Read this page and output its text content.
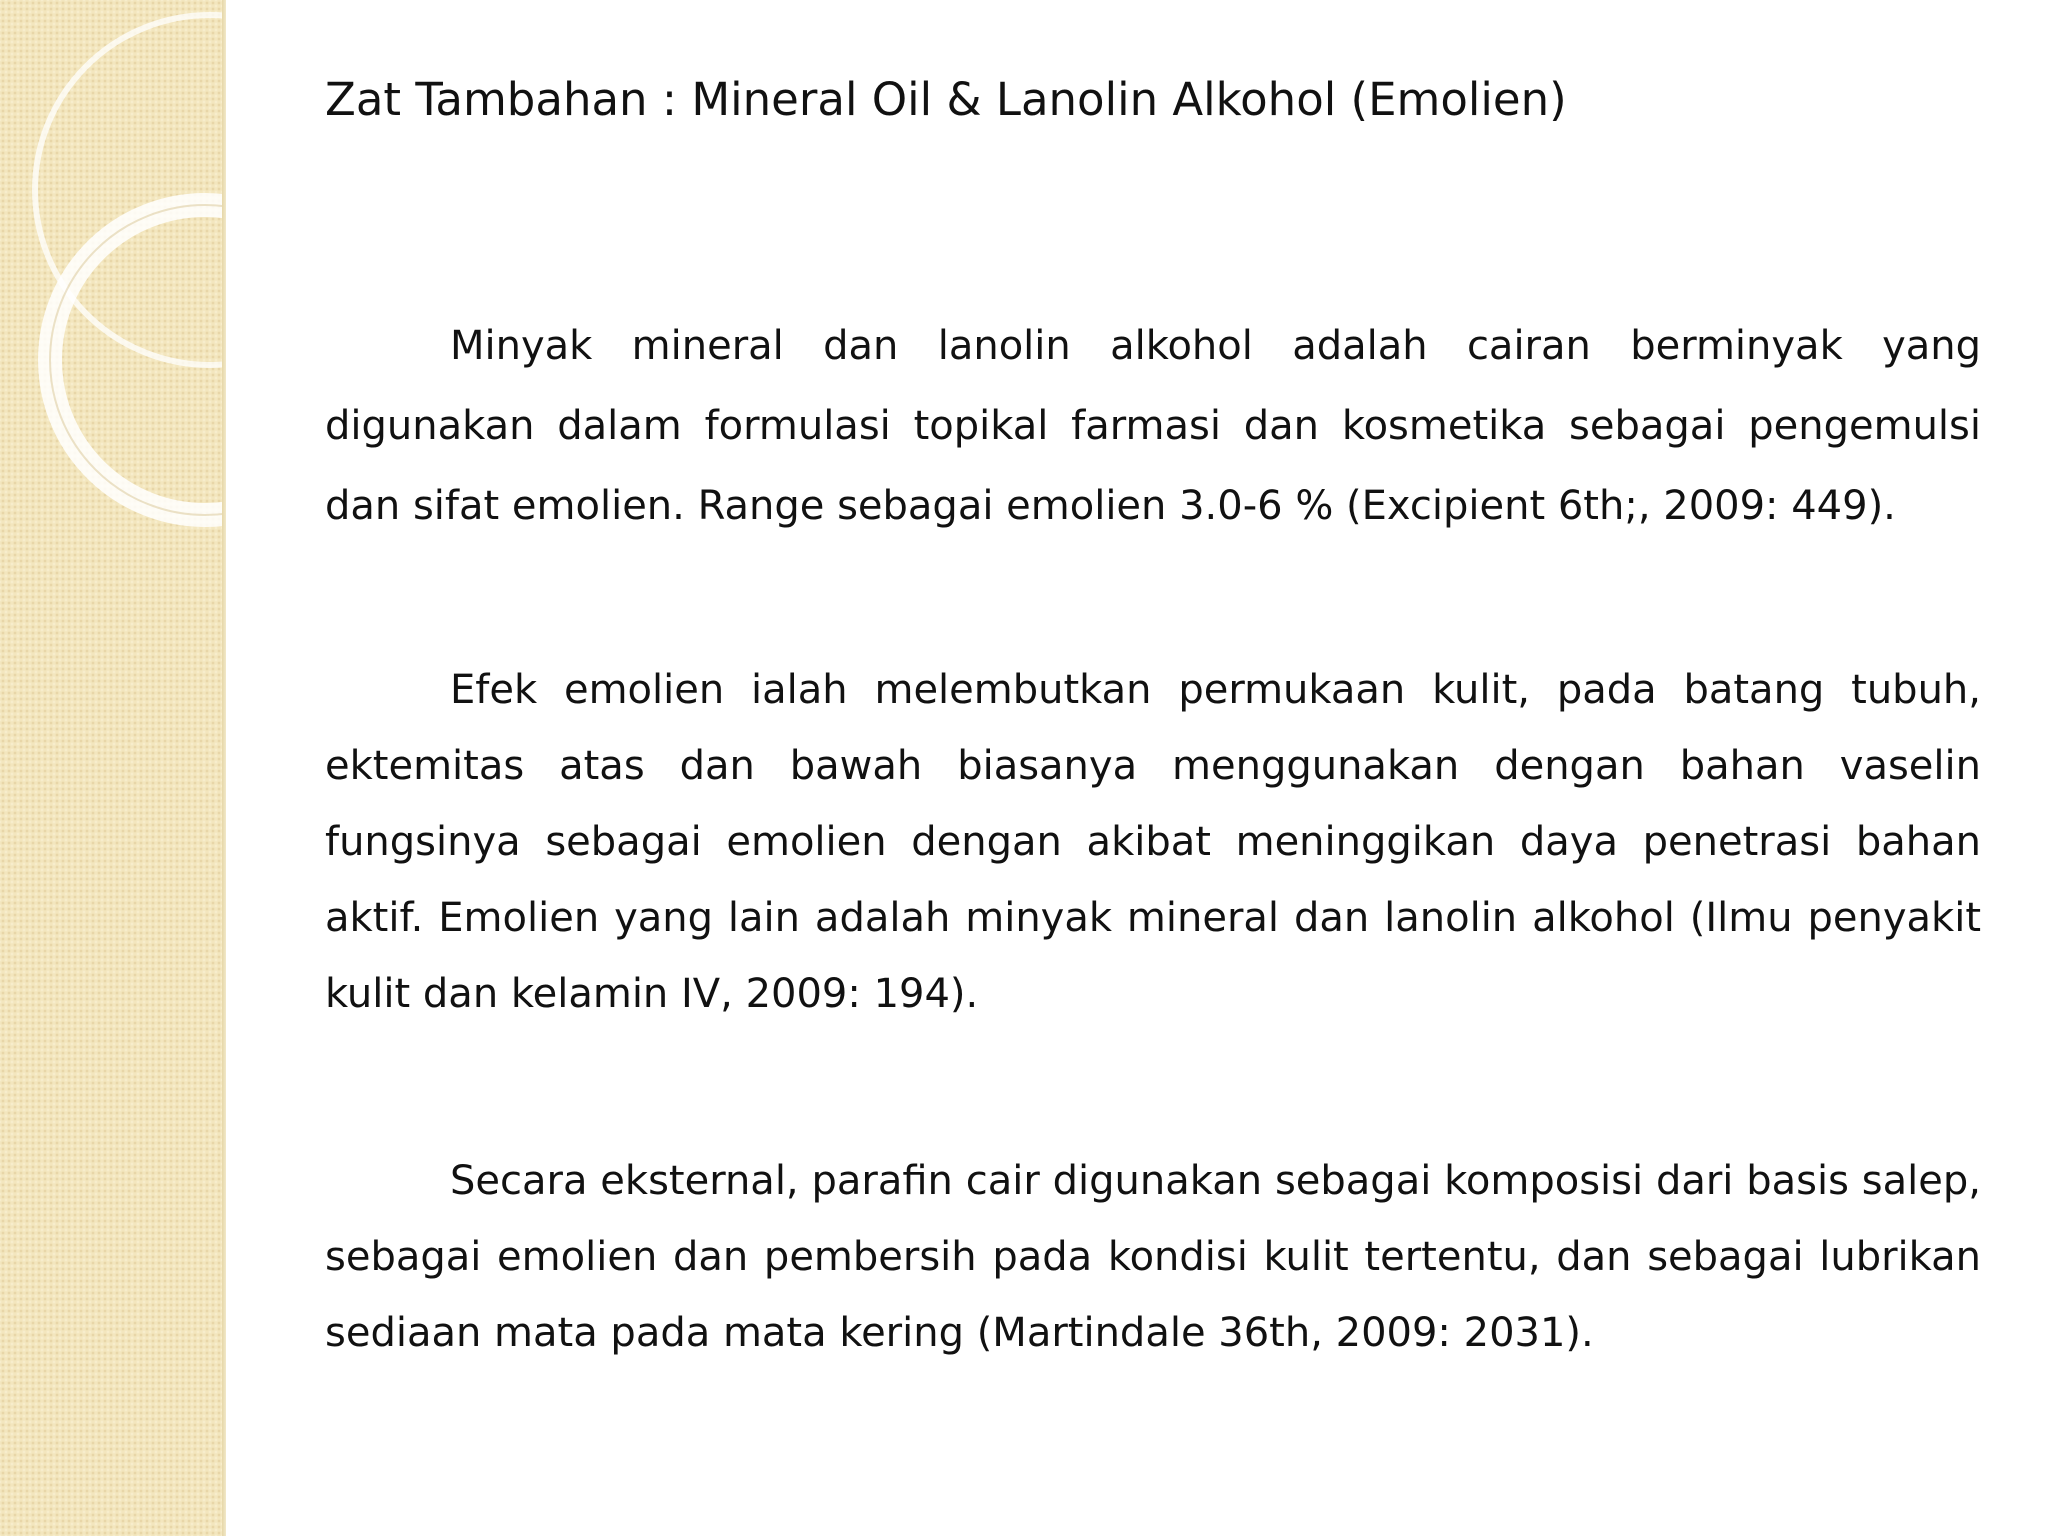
Zat Tambahan : Mineral Oil & Lanolin Alkohol (Emolien)

Minyak mineral dan lanolin alkohol adalah cairan berminyak yang digunakan dalam formulasi topikal farmasi dan kosmetika sebagai pengemulsi dan sifat emolien. Range sebagai emolien 3.0-6 % (Excipient 6th;, 2009: 449).

Efek emolien ialah melembutkan permukaan kulit, pada batang tubuh, ektemitas atas dan bawah biasanya menggunakan dengan bahan vaselin fungsinya sebagai emolien dengan akibat meninggikan daya penetrasi bahan aktif. Emolien yang lain adalah minyak mineral dan lanolin alkohol (Ilmu penyakit kulit dan kelamin IV, 2009: 194).

Secara eksternal, parafin cair digunakan sebagai komposisi dari basis salep, sebagai emolien dan pembersih pada kondisi kulit tertentu, dan sebagai lubrikan sediaan mata pada mata kering (Martindale 36th, 2009: 2031).
